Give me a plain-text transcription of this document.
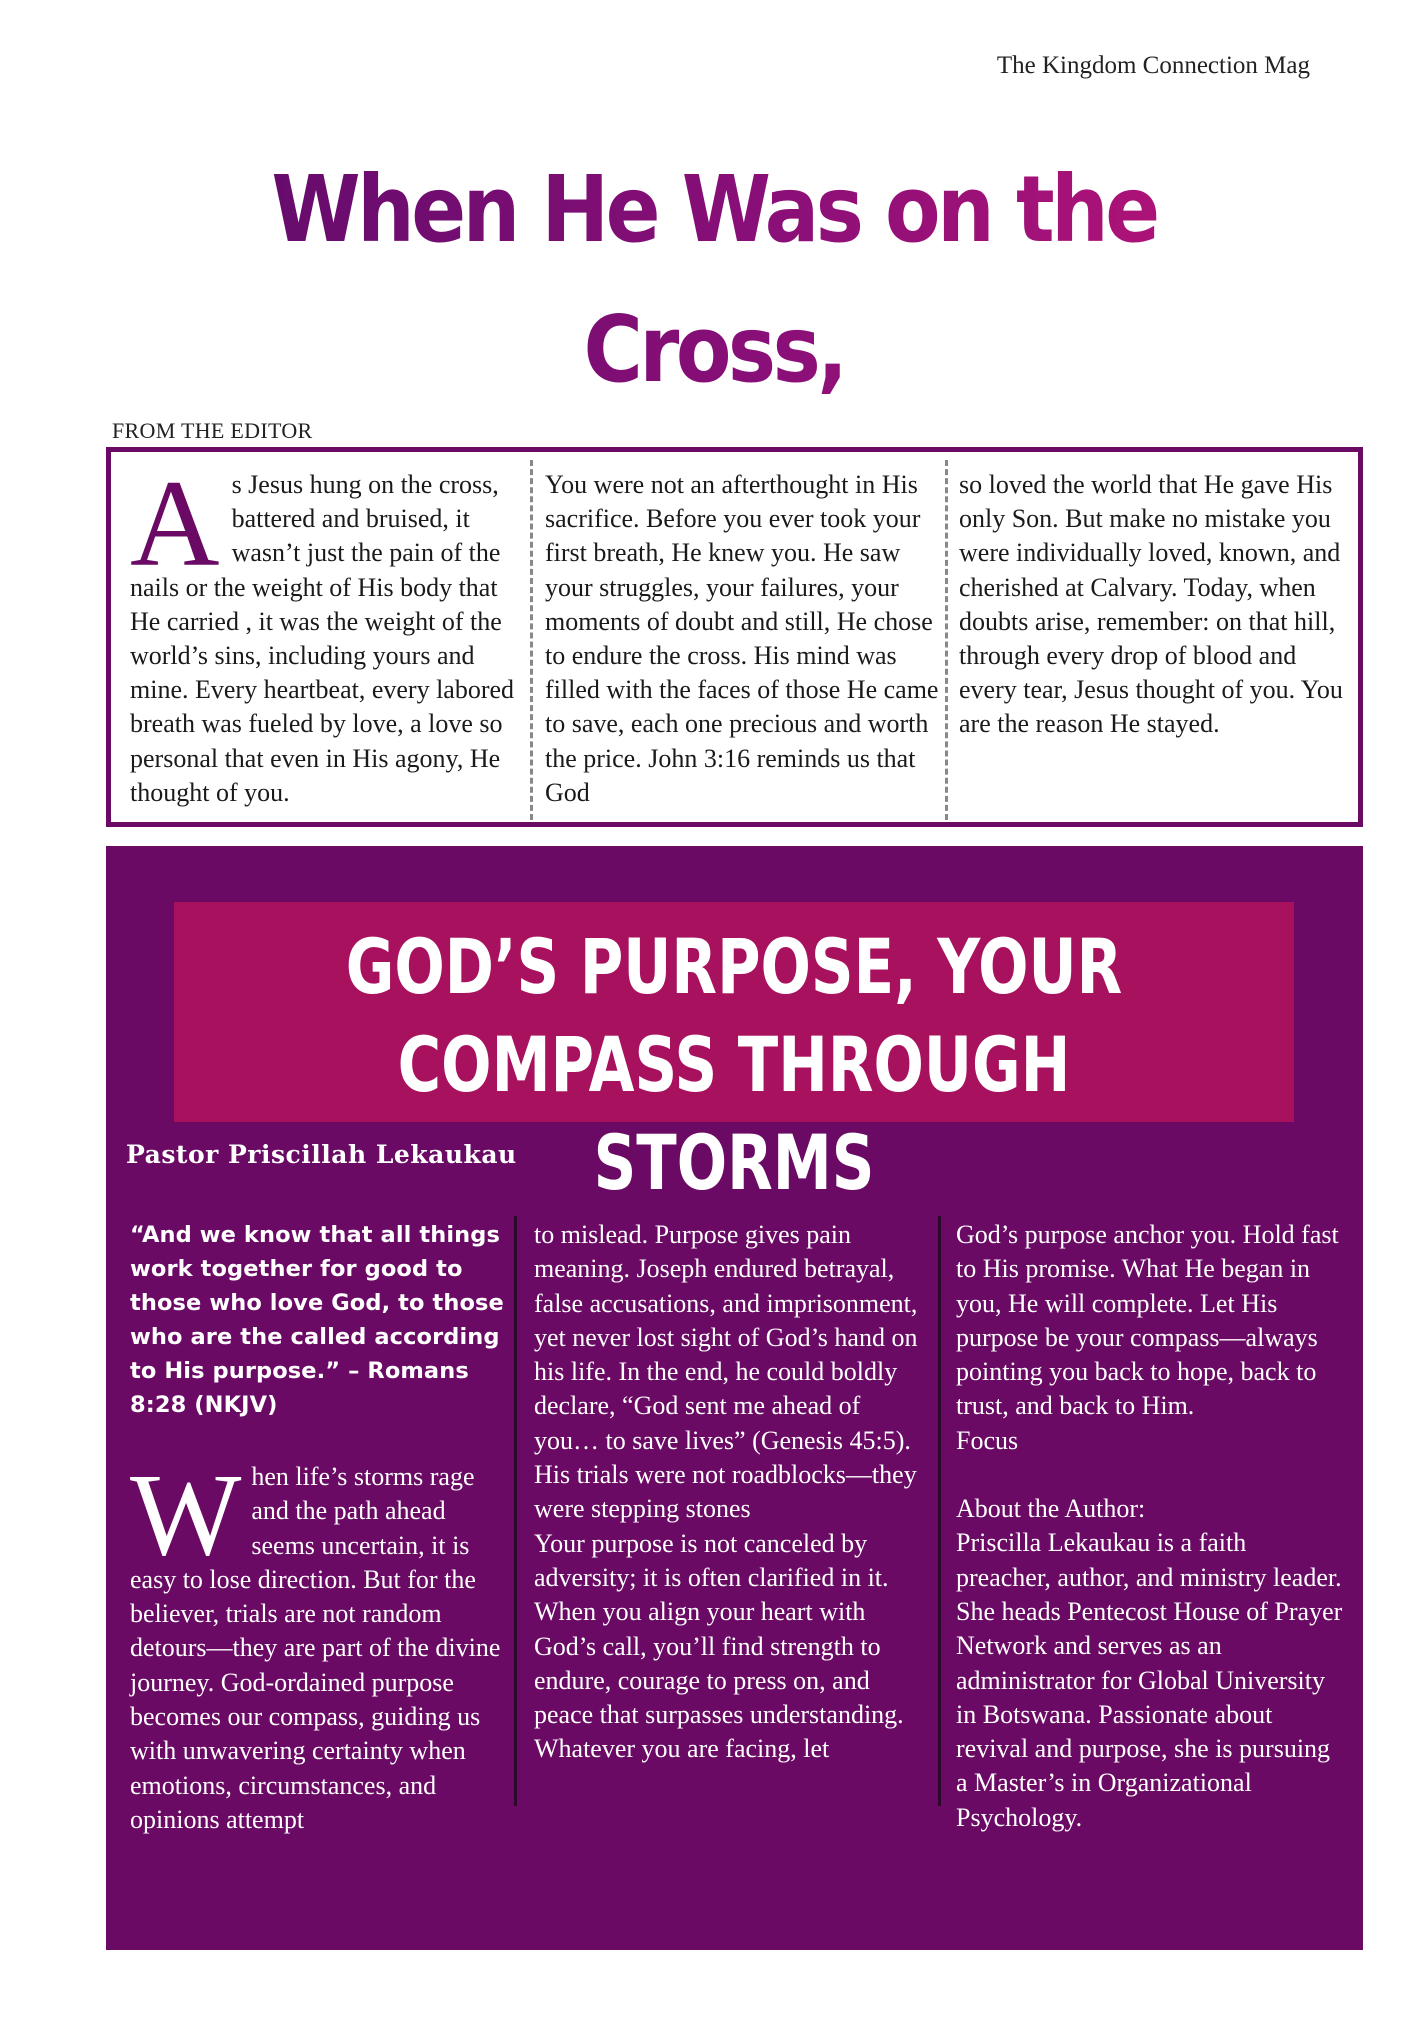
The Kingdom Connection Mag
When He Was on the Cross,
FROM THE EDITOR

As Jesus hung on the cross, battered and bruised, it wasn’t just the pain of the nails or the weight of His body that He carried , it was the weight of the world’s sins, including yours and mine. Every heartbeat, every labored breath was fueled by love, a love so personal that even in His agony, He thought of you.

You were not an afterthought in His sacrifice. Before you ever took your first breath, He knew you. He saw your struggles, your failures, your moments of doubt and still, He chose to endure the cross. His mind was filled with the faces of those He came to save, each one precious and worth the price. John 3:16 reminds us that God

so loved the world that He gave His only Son. But make no mistake you were individually loved, known, and cherished at Calvary. Today, when doubts arise, remember: on that hill, through every drop of blood and every tear, Jesus thought of you. You are the reason He stayed.

GOD’S PURPOSE, YOUR
COMPASS THROUGH STORMS
Pastor Priscillah Lekaukau

“And we know that all things work together for good to those who love God, to those who are the called according to His purpose.” – Romans 8:28 (NKJV)

When life’s storms rage and the path ahead seems uncertain, it is easy to lose direction. But for the believer, trials are not random detours—they are part of the divine journey. God-ordained purpose becomes our compass, guiding us with unwavering certainty when emotions, circumstances, and opinions attempt

to mislead. Purpose gives pain meaning. Joseph endured betrayal, false accusations, and imprisonment, yet never lost sight of God’s hand on his life. In the end, he could boldly declare, “God sent me ahead of you… to save lives” (Genesis 45:5). His trials were not roadblocks—they were stepping stones

Your purpose is not canceled by adversity; it is often clarified in it. When you align your heart with God’s call, you’ll find strength to endure, courage to press on, and peace that surpasses understanding.

Whatever you are facing, let

God’s purpose anchor you. Hold fast to His promise. What He began in you, He will complete. Let His purpose be your compass—always pointing you back to hope, back to trust, and back to Him.

Focus

About the Author:

Priscilla Lekaukau is a faith preacher, author, and ministry leader. She heads Pentecost House of Prayer Network and serves as an administrator for Global University in Botswana. Passionate about revival and purpose, she is pursuing a Master’s in Organizational Psychology.
